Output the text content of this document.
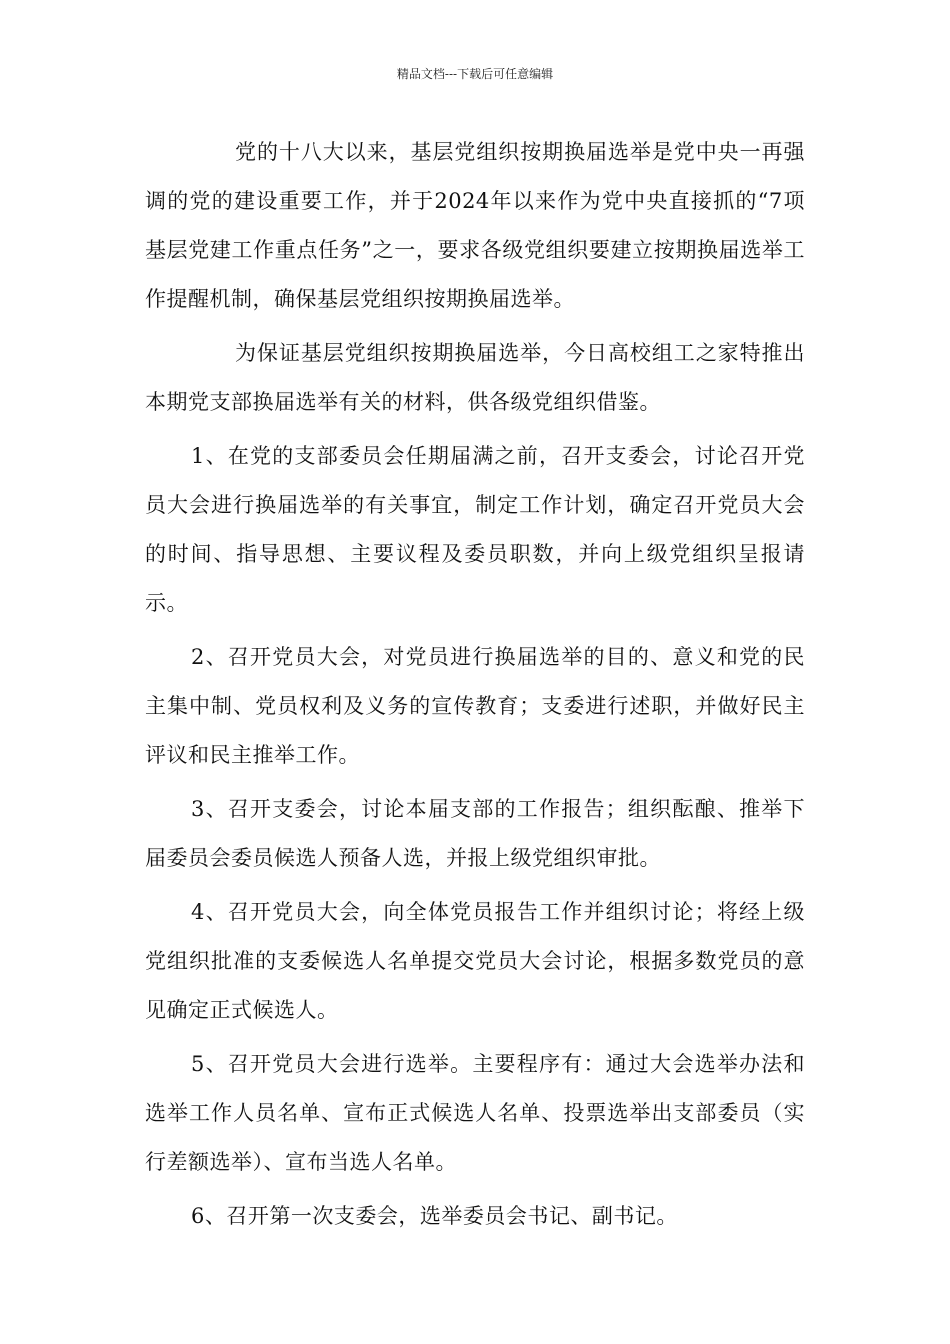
精品文档---下载后可任意编辑

党的十八大以来，基层党组织按期换届选举是党中央一再强调的党的建设重要工作，并于2024年以来作为党中央直接抓的“7项基层党建工作重点任务”之一，要求各级党组织要建立按期换届选举工作提醒机制，确保基层党组织按期换届选举。

为保证基层党组织按期换届选举，今日高校组工之家特推出本期党支部换届选举有关的材料，供各级党组织借鉴。

1、在党的支部委员会任期届满之前，召开支委会，讨论召开党员大会进行换届选举的有关事宜，制定工作计划，确定召开党员大会的时间、指导思想、主要议程及委员职数，并向上级党组织呈报请示。

2、召开党员大会，对党员进行换届选举的目的、意义和党的民主集中制、党员权利及义务的宣传教育；支委进行述职，并做好民主评议和民主推举工作。

3、召开支委会，讨论本届支部的工作报告；组织酝酿、推举下届委员会委员候选人预备人选，并报上级党组织审批。

4、召开党员大会，向全体党员报告工作并组织讨论；将经上级党组织批准的支委候选人名单提交党员大会讨论，根据多数党员的意见确定正式候选人。

5、召开党员大会进行选举。主要程序有：通过大会选举办法和选举工作人员名单、宣布正式候选人名单、投票选举出支部委员（实行差额选举）、宣布当选人名单。

6、召开第一次支委会，选举委员会书记、副书记。
